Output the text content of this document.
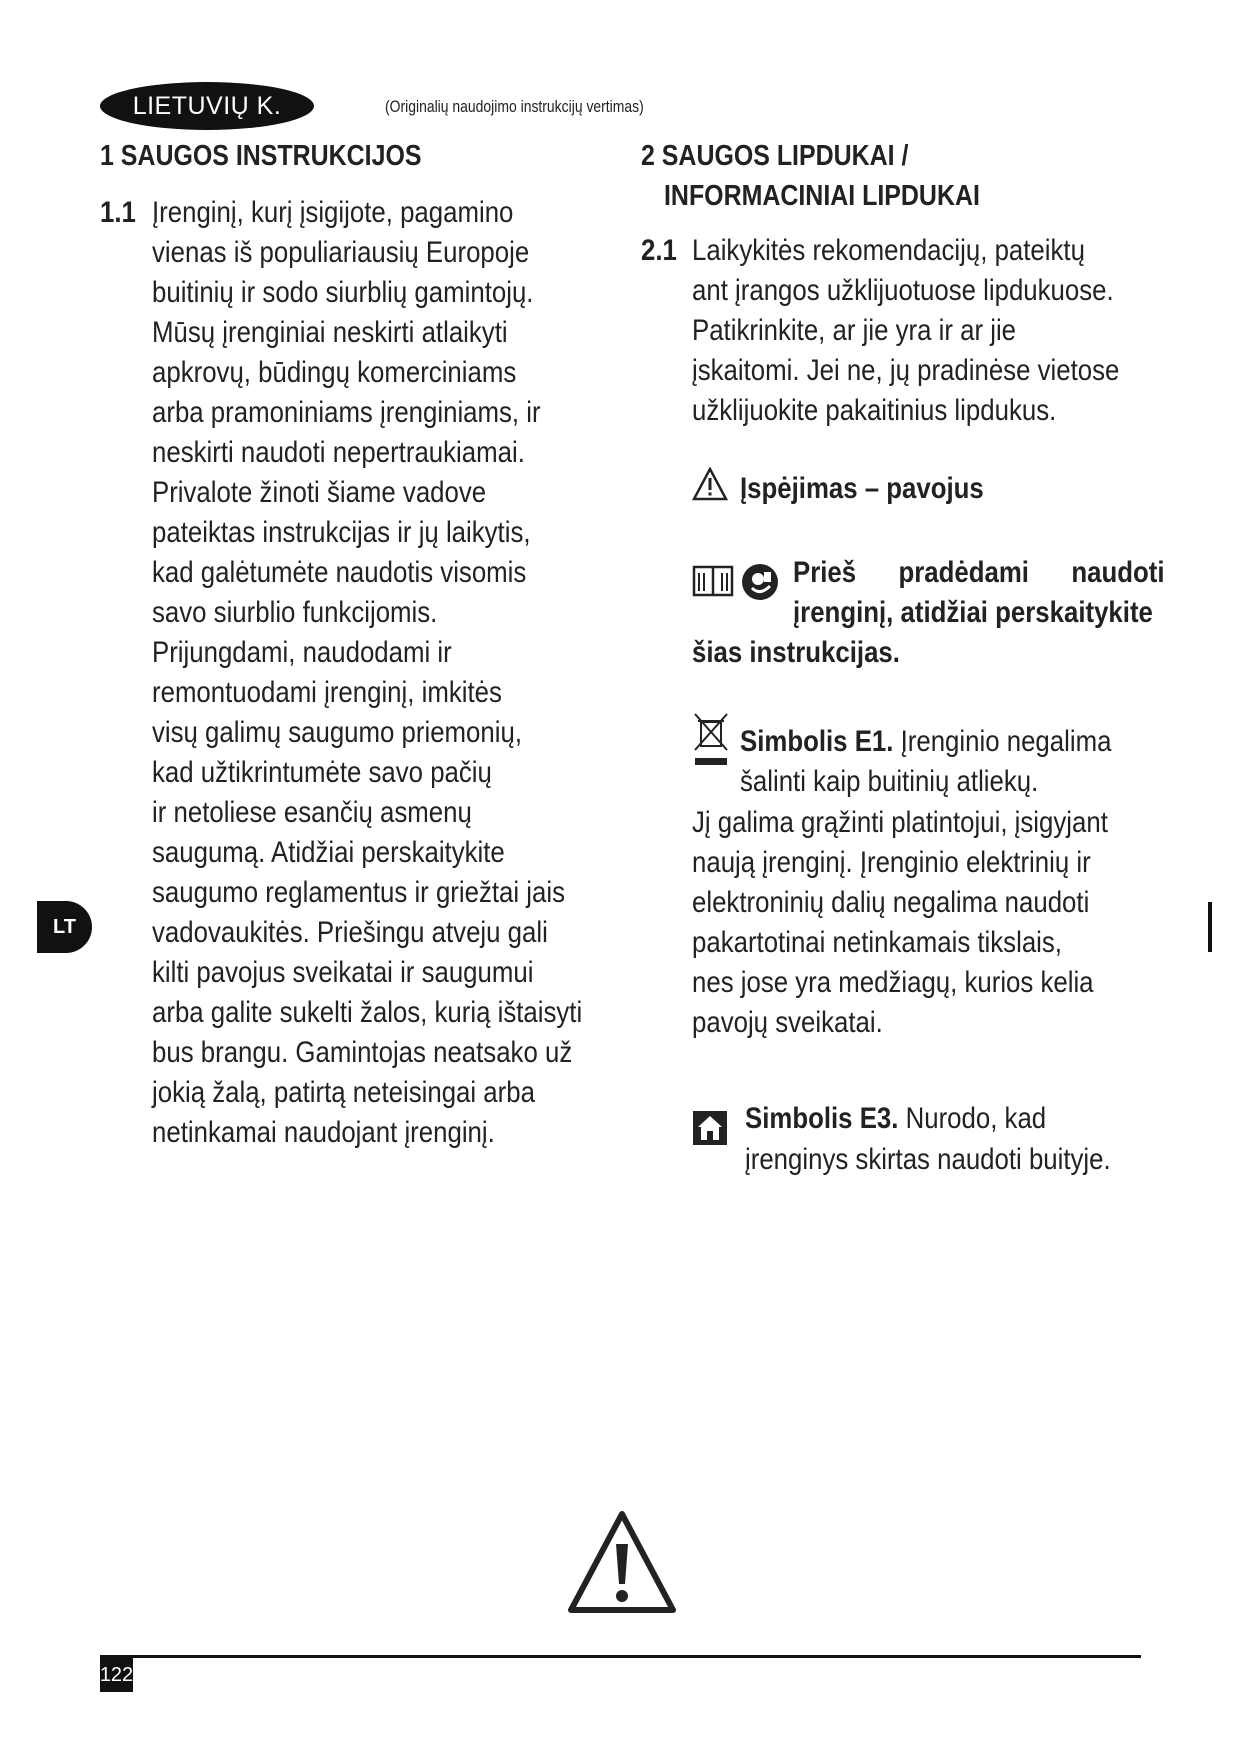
LIETUVIŲ K.	(Originalių naudojimo instrukcijų vertimas)
1 SAUGOS INSTRUKCIJOS
1.1 Įrenginį, kurį įsigijote, pagamino
vienas iš populiariausių Europoje
buitinių ir sodo siurblių gamintojų.
Mūsų įrenginiai neskirti atlaikyti
apkrovų, būdingų komerciniams
arba pramoniniams įrenginiams, ir
neskirti naudoti nepertraukiamai.
Privalote žinoti šiame vadove
pateiktas instrukcijas ir jų laikytis,
kad galėtumėte naudotis visomis
savo siurblio funkcijomis.
Prijungdami, naudodami ir
remontuodami įrenginį, imkitės
visų galimų saugumo priemonių,
kad užtikrintumėte savo pačių
ir netoliese esančių asmenų
saugumą. Atidžiai perskaitykite
saugumo reglamentus ir griežtai jais
vadovaukitės. Priešingu atveju gali
kilti pavojus sveikatai ir saugumui
arba galite sukelti žalos, kurią ištaisyti
bus brangu. Gamintojas neatsako už
jokią žalą, patirtą neteisingai arba
netinkamai naudojant įrenginį.
2 SAUGOS LIPDUKAI /
INFORMACINIAI LIPDUKAI
2.1 Laikykitės rekomendacijų, pateiktų
ant įrangos užklijuotuose lipdukuose.
Patikrinkite, ar jie yra ir ar jie
įskaitomi. Jei ne, jų pradinėse vietose
užklijuokite pakaitinius lipdukus.
Įspėjimas – pavojus
Prieš pradėdami naudoti
įrenginį, atidžiai perskaitykite
šias instrukcijas.
Simbolis E1. Įrenginio negalima
šalinti kaip buitinių atliekų.
Jį galima grąžinti platintojui, įsigyjant
naują įrenginį. Įrenginio elektrinių ir
elektroninių dalių negalima naudoti
pakartotinai netinkamais tikslais,
nes jose yra medžiagų, kurios kelia
pavojų sveikatai.
Simbolis E3. Nurodo, kad
įrenginys skirtas naudoti buityje.
LT
122
